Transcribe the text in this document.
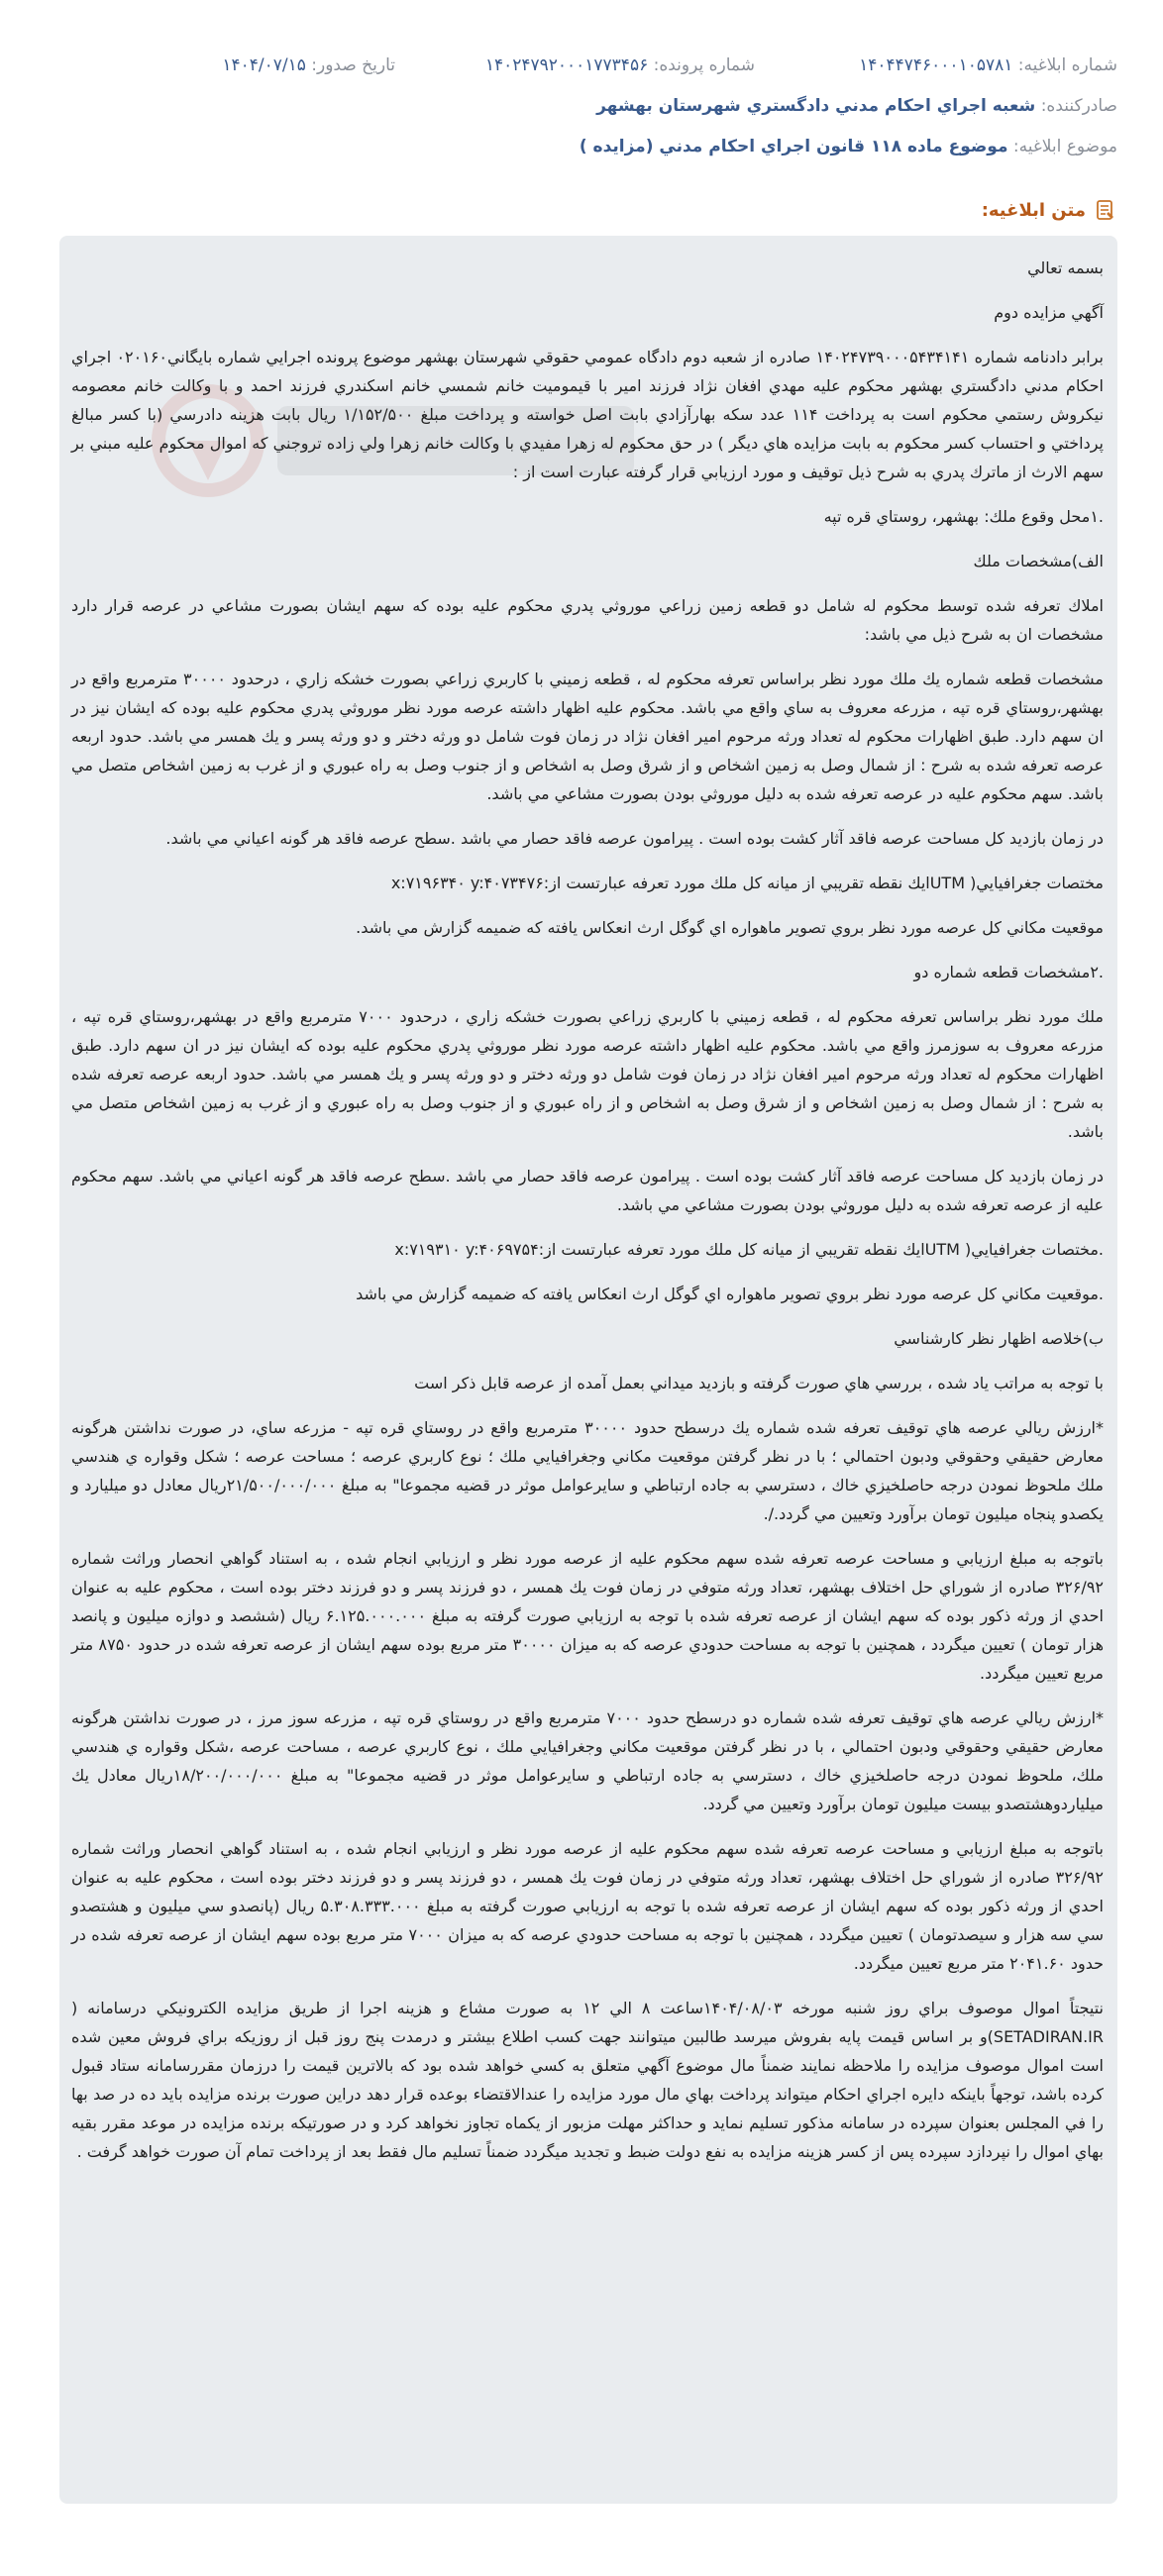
شماره ابلاغيه: ۱۴۰۴۴۷۴۶۰۰۰۱۰۵۷۸۱
شماره پرونده: ۱۴۰۲۴۷۹۲۰۰۰۱۷۷۳۴۵۶
تاريخ صدور: ۱۴۰۴/۰۷/۱۵
صادركننده: شعبه اجراي احكام مدني دادگستري شهرستان بهشهر
موضوع ابلاغيه: موضوع ماده ۱۱۸ قانون اجراي احكام مدني (مزايده )
متن ابلاغيه:

بسمه تعالي

آگهي مزايده دوم

برابر دادنامه شماره ۱۴۰۲۴۷۳۹۰۰۰۵۴۳۴۱۴۱ صادره از شعبه دوم دادگاه عمومي حقوقي شهرستان بهشهر موضوع پرونده اجرايي شماره بايگاني۰۲۰۱۶۰ اجراي احكام مدني دادگستري بهشهر محكوم عليه مهدي افغان نژاد فرزند امير با قيموميت خانم شمسي خانم اسكندري فرزند احمد و با وكالت خانم معصومه نيكروش رستمي محكوم است به پرداخت ۱۱۴ عدد سكه بهارآزادي بابت اصل خواسته و پرداخت مبلغ ۱/۱۵۲/۵۰۰ ريال بابت هزينه دادرسي (با كسر مبالغ پرداختي و احتساب كسر محكوم به بابت مزايده هاي ديگر ) در حق محكوم له زهرا مفيدي با وكالت خانم زهرا ولي زاده تروجني كه اموال محكوم عليه مبني بر سهم الارث از ماترك پدري به شرح ذيل توقيف و مورد ارزيابي قرار گرفته عبارت است از :

.۱محل وقوع ملك: بهشهر، روستاي قره تپه

الف)مشخصات ملك

املاك تعرفه شده توسط محكوم له شامل دو قطعه زمين زراعي موروثي پدري محكوم عليه بوده كه سهم ايشان بصورت مشاعي در عرصه قرار دارد مشخصات ان به شرح ذيل مي باشد:

مشخصات قطعه شماره يك ملك مورد نظر براساس تعرفه محكوم له ، قطعه زميني با كاربري زراعي بصورت خشكه زاري ، درحدود ۳۰۰۰۰ مترمربع واقع در بهشهر،روستاي قره تپه ، مزرعه معروف به ساي واقع مي باشد. محكوم عليه اظهار داشته عرصه مورد نظر موروثي پدري محكوم عليه بوده كه ايشان نيز در ان سهم دارد. طبق اظهارات محكوم له تعداد ورثه مرحوم امير افغان نژاد در زمان فوت شامل دو ورثه دختر و دو ورثه پسر و يك همسر مي باشد. حدود اربعه عرصه تعرفه شده به شرح : از شمال وصل به زمين اشخاص و از شرق وصل به اشخاص و از جنوب وصل به راه عبوري و از غرب به زمين اشخاص متصل مي باشد. سهم محكوم عليه در عرصه تعرفه شده به دليل موروثي بودن بصورت مشاعي مي باشد.

در زمان بازديد كل مساحت عرصه فاقد آثار كشت بوده است . پيرامون عرصه فاقد حصار مي باشد .سطح عرصه فاقد هر گونه اعياني مي باشد.

مختصات جغرافيايي( UTMايك نقطه تقريبي از ميانه كل ملك مورد تعرفه عبارتست از:x:۷۱۹۶۳۴۰ y:۴۰۷۳۴۷۶

موقعيت مكاني كل عرصه مورد نظر بروي تصوير ماهواره اي گوگل ارث انعكاس يافته كه ضميمه گزارش مي باشد.

.۲مشخصات قطعه شماره دو

ملك مورد نظر براساس تعرفه محكوم له ، قطعه زميني با كاربري زراعي بصورت خشكه زاري ، درحدود ۷۰۰۰ مترمربع واقع در بهشهر،روستاي قره تپه ، مزرعه معروف به سوزمرز واقع مي باشد. محكوم عليه اظهار داشته عرصه مورد نظر موروثي پدري محكوم عليه بوده كه ايشان نيز در ان سهم دارد. طبق اظهارات محكوم له تعداد ورثه مرحوم امير افغان نژاد در زمان فوت شامل دو ورثه دختر و دو ورثه پسر و يك همسر مي باشد. حدود اربعه عرصه تعرفه شده به شرح : از شمال وصل به زمين اشخاص و از شرق وصل به اشخاص و از راه عبوري و از جنوب وصل به راه عبوري و از غرب به زمين اشخاص متصل مي باشد.

در زمان بازديد كل مساحت عرصه فاقد آثار كشت بوده است . پيرامون عرصه فاقد حصار مي باشد .سطح عرصه فاقد هر گونه اعياني مي باشد. سهم محكوم عليه از عرصه تعرفه شده به دليل موروثي بودن بصورت مشاعي مي باشد.

.مختصات جغرافيايي( UTMايك نقطه تقريبي از ميانه كل ملك مورد تعرفه عبارتست از:x:۷۱۹۳۱۰ y:۴۰۶۹۷۵۴

.موقعيت مكاني كل عرصه مورد نظر بروي تصوير ماهواره اي گوگل ارث انعكاس يافته كه ضميمه گزارش مي باشد

ب)خلاصه اظهار نظر كارشناسي

با توجه به مراتب ياد شده ، بررسي هاي صورت گرفته و بازديد ميداني بعمل آمده از عرصه قابل ذكر است

*ارزش ريالي عرصه هاي توقيف تعرفه شده شماره يك درسطح حدود ۳۰۰۰۰ مترمربع واقع در روستاي قره تپه - مزرعه ساي، در صورت نداشتن هرگونه معارض حقيقي وحقوقي ودبون احتمالي ؛ با در نظر گرفتن موقعيت مكاني وجغرافيايي ملك ؛ نوع كاربري عرصه ؛ مساحت عرصه ؛ شكل وقواره ي هندسي ملك ملحوظ نمودن درجه حاصلخيزي خاك ، دسترسي به جاده ارتباطي و سايرعوامل موثر در قضيه مجموعا" به مبلغ ۲۱/۵۰۰/۰۰۰/۰۰۰ريال معادل دو ميليارد و يكصدو پنجاه ميليون تومان برآورد وتعيين مي گردد./.

باتوجه به مبلغ ارزيابي و مساحت عرصه تعرفه شده سهم محكوم عليه از عرصه مورد نظر و ارزيابي انجام شده ، به استناد گواهي انحصار وراثت شماره ۳۲۶/۹۲ صادره از شوراي حل اختلاف بهشهر، تعداد ورثه متوفي در زمان فوت يك همسر ، دو فرزند پسر و دو فرزند دختر بوده است ، محكوم عليه به عنوان احدي از ورثه ذكور بوده كه سهم ايشان از عرصه تعرفه شده با توجه به ارزيابي صورت گرفته به مبلغ ۶.۱۲۵.۰۰۰.۰۰۰ ريال (ششصد و دوازه ميليون و پانصد هزار تومان ) تعيين ميگردد ، همچنين با توجه به مساحت حدودي عرصه كه به ميزان ۳۰۰۰۰ متر مربع بوده سهم ايشان از عرصه تعرفه شده در حدود ۸۷۵۰ متر مربع تعيين ميگردد.

*ارزش ريالي عرصه هاي توقيف تعرفه شده شماره دو درسطح حدود ۷۰۰۰ مترمربع واقع در روستاي قره تپه ، مزرعه سوز مرز ، در صورت نداشتن هرگونه معارض حقيقي وحقوقي ودبون احتمالي ، با در نظر گرفتن موقعيت مكاني وجغرافيايي ملك ، نوع كاربري عرصه ، مساحت عرصه ،شكل وقواره ي هندسي ملك، ملحوظ نمودن درجه حاصلخيزي خاك ، دسترسي به جاده ارتباطي و سايرعوامل موثر در قضيه مجموعا" به مبلغ ۱۸/۲۰۰/۰۰۰/۰۰۰ريال معادل يك ميلياردوهشتصدو بيست ميليون تومان برآورد وتعيين مي گردد.

باتوجه به مبلغ ارزيابي و مساحت عرصه تعرفه شده سهم محكوم عليه از عرصه مورد نظر و ارزيابي انجام شده ، به استناد گواهي انحصار وراثت شماره ۳۲۶/۹۲ صادره از شوراي حل اختلاف بهشهر، تعداد ورثه متوفي در زمان فوت يك همسر ، دو فرزند پسر و دو فرزند دختر بوده است ، محكوم عليه به عنوان احدي از ورثه ذكور بوده كه سهم ايشان از عرصه تعرفه شده با توجه به ارزيابي صورت گرفته به مبلغ ۵.۳۰۸.۳۳۳.۰۰۰ ريال (پانصدو سي ميليون و هشتصدو سي سه هزار و سيصدتومان ) تعيين ميگردد ، همچنين با توجه به مساحت حدودي عرصه كه به ميزان ۷۰۰۰ متر مربع بوده سهم ايشان از عرصه تعرفه شده در حدود ۲۰۴۱.۶۰ متر مربع تعيين ميگردد.

نتيجتاً اموال موصوف براي روز شنبه مورخه ۱۴۰۴/۰۸/۰۳ساعت ۸ الي ۱۲ به صورت مشاع و هزينه اجرا از طريق مزايده الكترونيكي درسامانه ( SETADIRAN.IR)و بر اساس قيمت پايه بفروش ميرسد طالبين ميتوانند جهت كسب اطلاع بيشتر و درمدت پنج روز قبل از روزيكه براي فروش معين شده است اموال موصوف مزايده را ملاحظه نمايند ضمناً مال موضوع آگهي متعلق به كسي خواهد شده بود كه بالاترين قيمت را درزمان مقررسامانه ستاد قبول كرده باشد، توجهاً باينكه دايره اجراي احكام ميتواند پرداخت بهاي مال مورد مزايده را عندالاقتضاء بوعده قرار دهد دراين صورت برنده مزايده بايد ده در صد بها را في المجلس بعنوان سپرده در سامانه مذكور تسليم نمايد و حداكثر مهلت مزبور از يكماه تجاوز نخواهد كرد و در صورتيكه برنده مزايده در موعد مقرر بقيه بهاي اموال را نپردازد سپرده پس از كسر هزينه مزايده به نفع دولت ضبط و تجديد ميگردد ضمناً تسليم مال فقط بعد از پرداخت تمام آن صورت خواهد گرفت .
